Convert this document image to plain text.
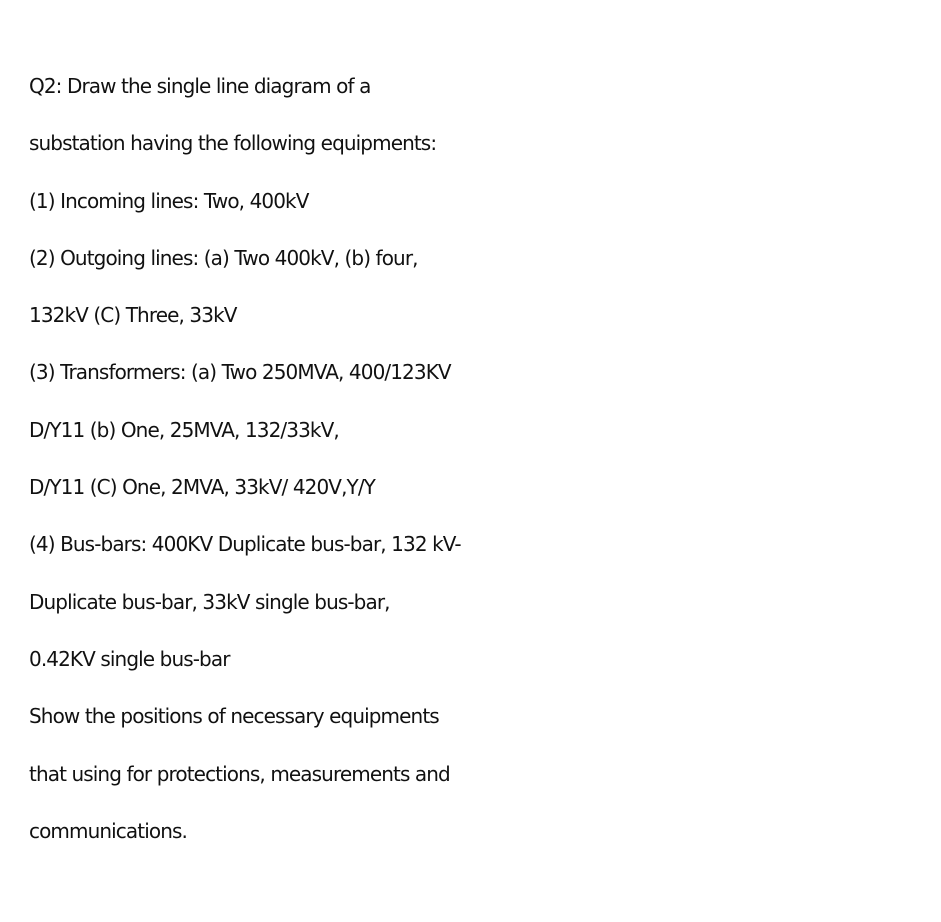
Q2: Draw the single line diagram of a
substation having the following equipments:
(1) Incoming lines: Two, 400kV
(2) Outgoing lines: (a) Two 400kV, (b) four,
132kV (C) Three, 33kV
(3) Transformers: (a) Two 250MVA, 400/123KV
D/Y11 (b) One, 25MVA, 132/33kV,
D/Y11 (C) One, 2MVA, 33kV/ 420V,Y/Y
(4) Bus-bars: 400KV Duplicate bus-bar, 132 kV-
Duplicate bus-bar, 33kV single bus-bar,
0.42KV single bus-bar
Show the positions of necessary equipments
that using for protections, measurements and
communications.
